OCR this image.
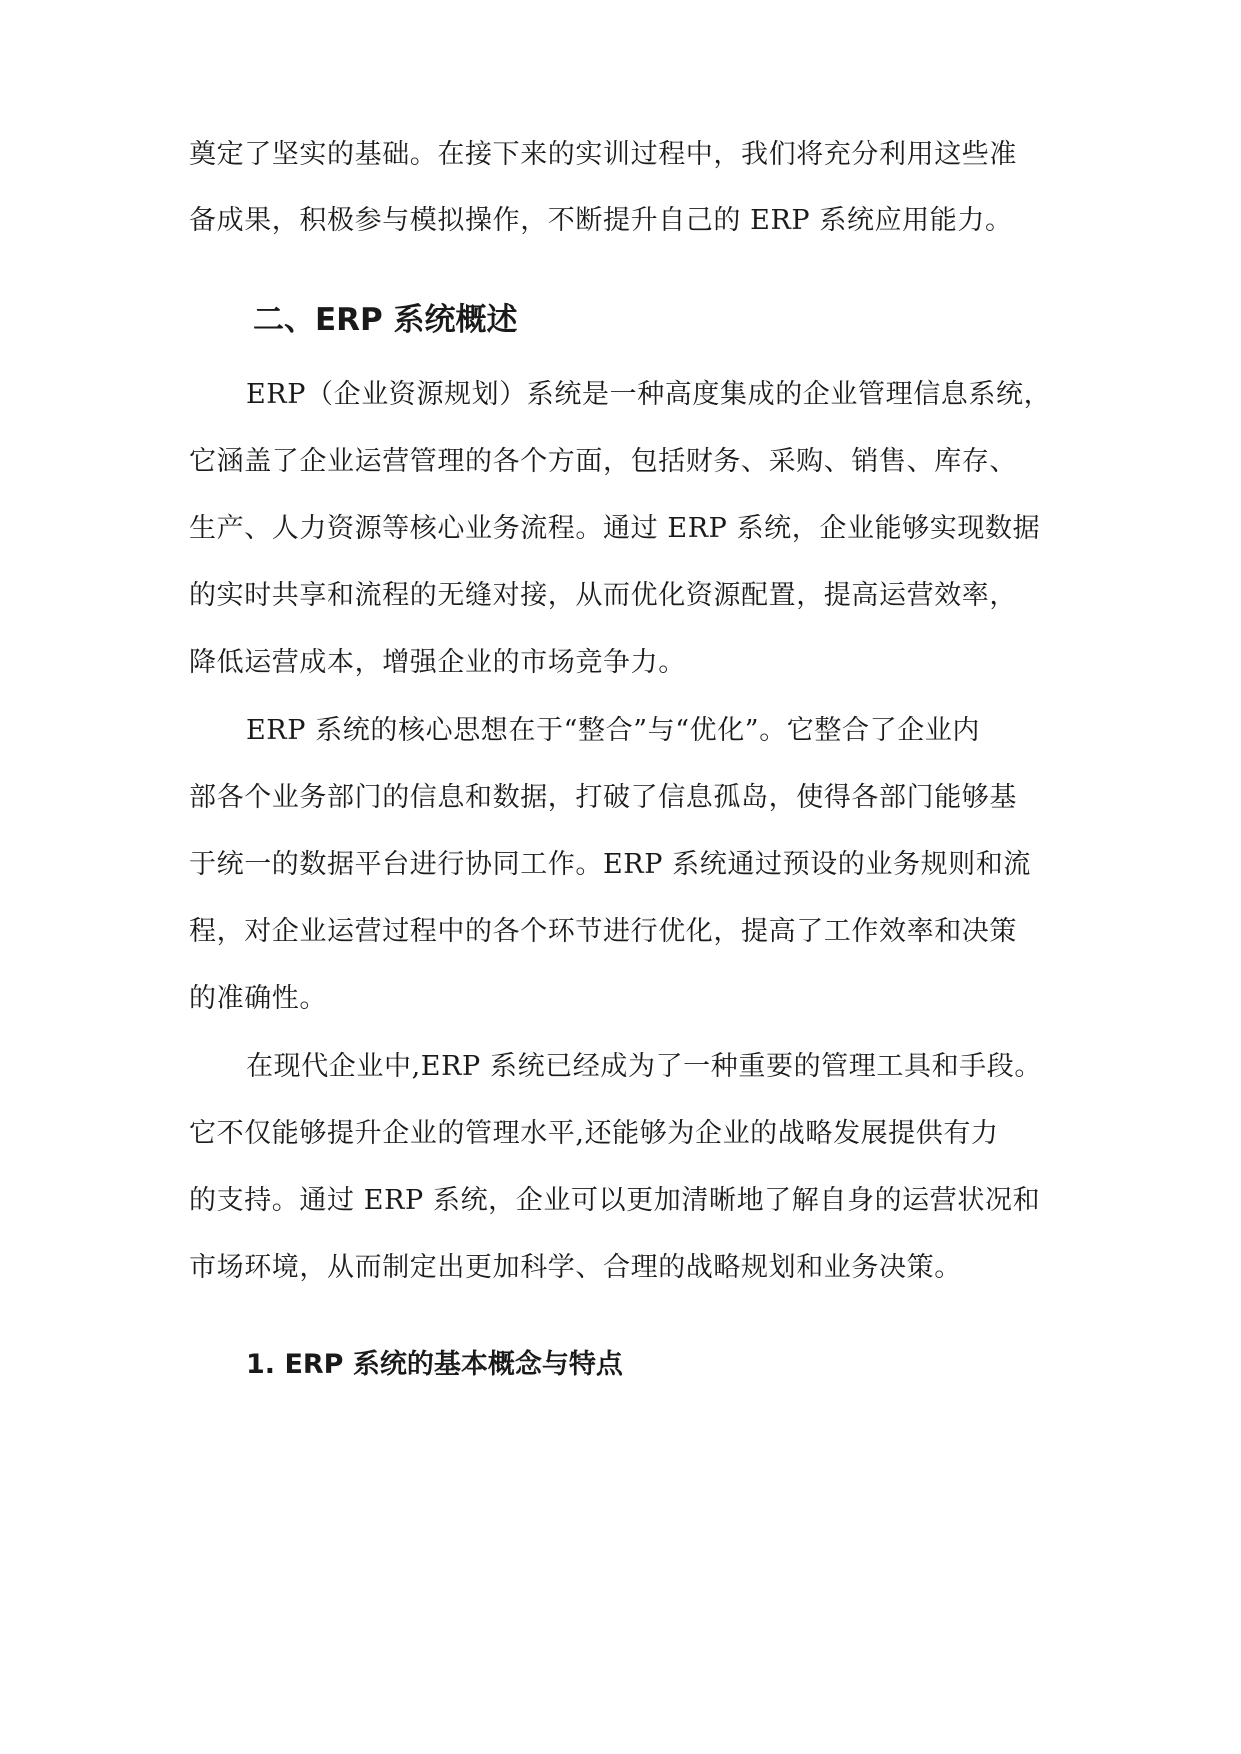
奠定了坚实的基础。在接下来的实训过程中，我们将充分利用这些准
备成果，积极参与模拟操作，不断提升自己的 ERP 系统应用能力。
二、ERP 系统概述
ERP（企业资源规划）系统是一种高度集成的企业管理信息系统，
它涵盖了企业运营管理的各个方面，包括财务、采购、销售、库存、
生产、人力资源等核心业务流程。通过 ERP 系统，企业能够实现数据
的实时共享和流程的无缝对接，从而优化资源配置，提高运营效率，
降低运营成本，增强企业的市场竞争力。
ERP 系统的核心思想在于“整合”与“优化”。它整合了企业内
部各个业务部门的信息和数据，打破了信息孤岛，使得各部门能够基
于统一的数据平台进行协同工作。ERP 系统通过预设的业务规则和流
程，对企业运营过程中的各个环节进行优化，提高了工作效率和决策
的准确性。
在现代企业中,ERP 系统已经成为了一种重要的管理工具和手段。
它不仅能够提升企业的管理水平,还能够为企业的战略发展提供有力
的支持。通过 ERP 系统，企业可以更加清晰地了解自身的运营状况和
市场环境，从而制定出更加科学、合理的战略规划和业务决策。
1. ERP 系统的基本概念与特点
